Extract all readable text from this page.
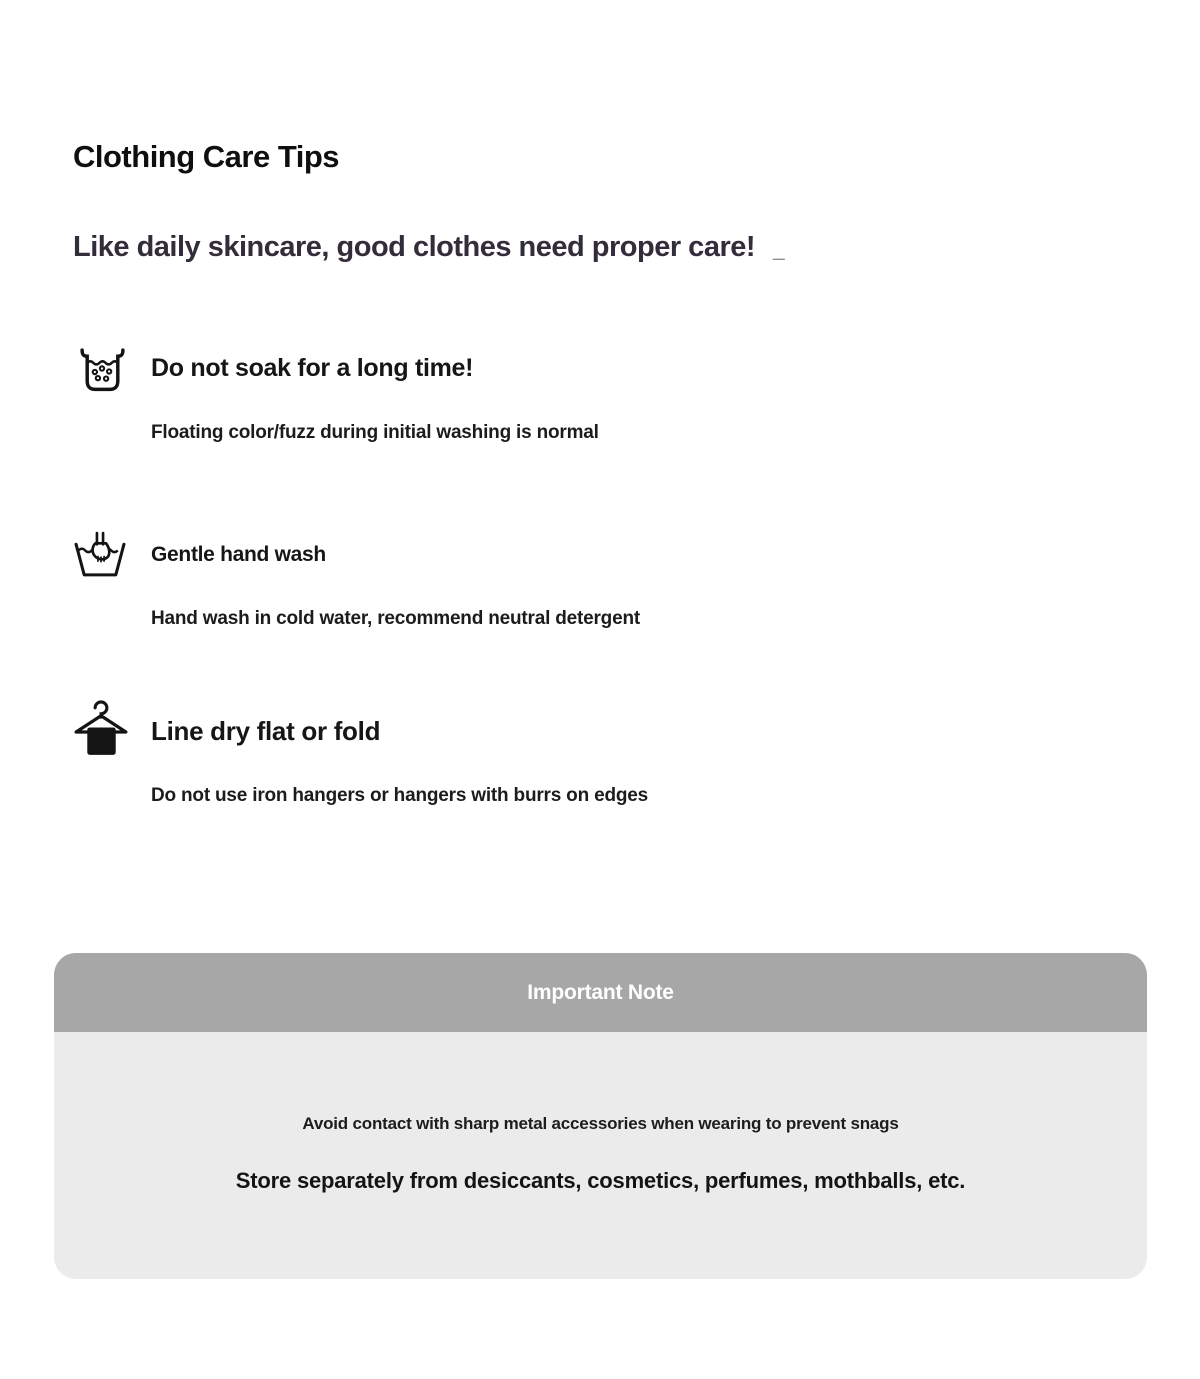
Clothing Care Tips
Like daily skincare, good clothes need proper care! _
Do not soak for a long time!
Floating color/fuzz during initial washing is normal
Gentle hand wash
Hand wash in cold water, recommend neutral detergent
Line dry flat or fold
Do not use iron hangers or hangers with burrs on edges
Important Note
Avoid contact with sharp metal accessories when wearing to prevent snags
Store separately from desiccants, cosmetics, perfumes, mothballs, etc.
